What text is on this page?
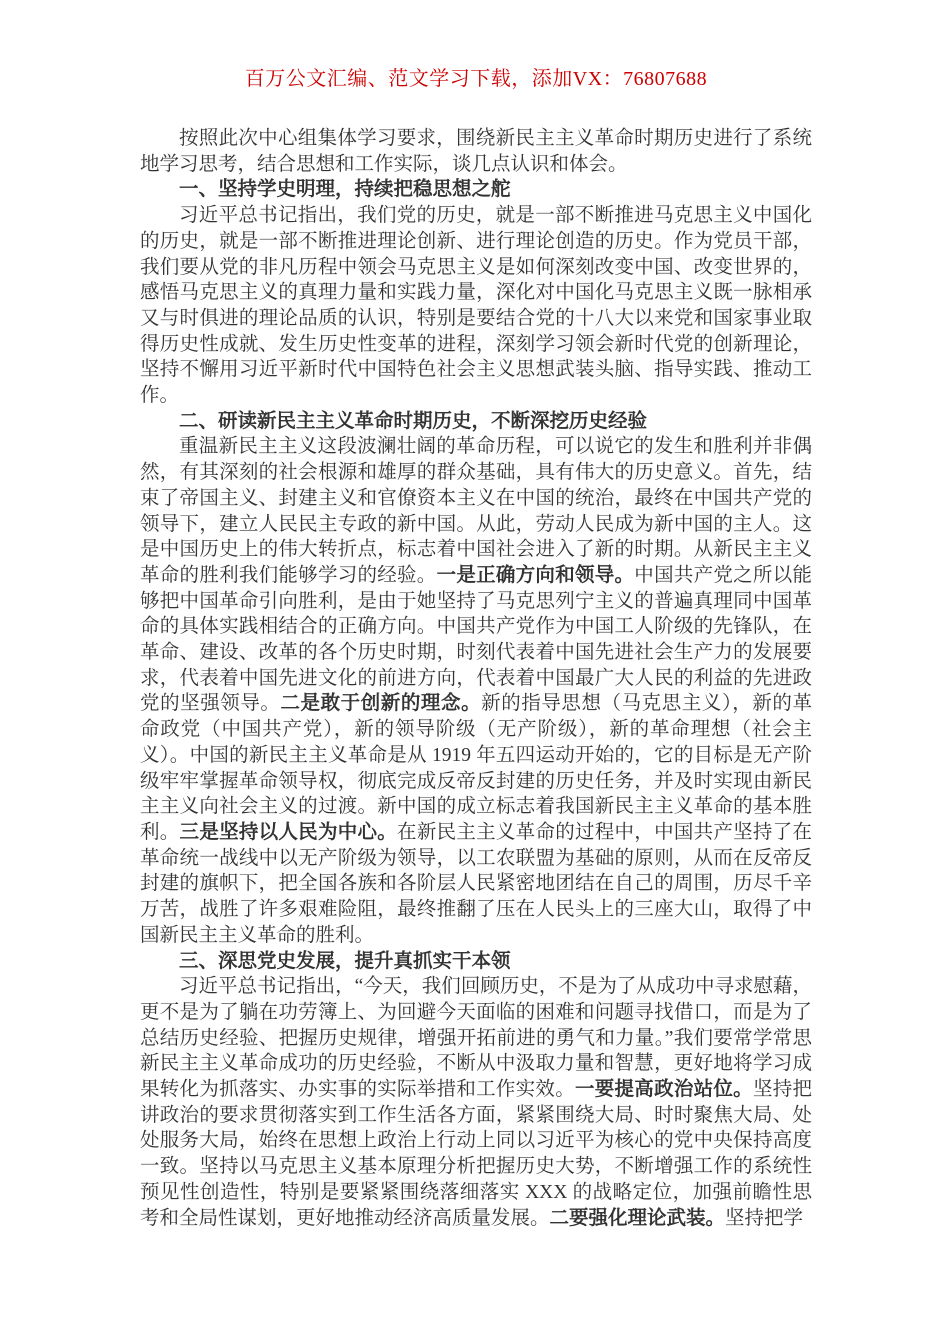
百万公文汇编、范文学习下载，添加VX：76807688

按照此次中心组集体学习要求，围绕新民主主义革命时期历史进行了系统地学习思考，结合思想和工作实际，谈几点认识和体会。

一、坚持学史明理，持续把稳思想之舵

习近平总书记指出，我们党的历史，就是一部不断推进马克思主义中国化的历史，就是一部不断推进理论创新、进行理论创造的历史。作为党员干部，我们要从党的非凡历程中领会马克思主义是如何深刻改变中国、改变世界的，感悟马克思主义的真理力量和实践力量，深化对中国化马克思主义既一脉相承又与时俱进的理论品质的认识，特别是要结合党的十八大以来党和国家事业取得历史性成就、发生历史性变革的进程，深刻学习领会新时代党的创新理论，坚持不懈用习近平新时代中国特色社会主义思想武装头脑、指导实践、推动工作。

二、研读新民主主义革命时期历史，不断深挖历史经验

重温新民主主义这段波澜壮阔的革命历程，可以说它的发生和胜利并非偶然，有其深刻的社会根源和雄厚的群众基础，具有伟大的历史意义。首先，结束了帝国主义、封建主义和官僚资本主义在中国的统治，最终在中国共产党的领导下，建立人民民主专政的新中国。从此，劳动人民成为新中国的主人。这是中国历史上的伟大转折点，标志着中国社会进入了新的时期。从新民主主义革命的胜利我们能够学习的经验。一是正确方向和领导。中国共产党之所以能够把中国革命引向胜利，是由于她坚持了马克思列宁主义的普遍真理同中国革命的具体实践相结合的正确方向。中国共产党作为中国工人阶级的先锋队，在革命、建设、改革的各个历史时期，时刻代表着中国先进社会生产力的发展要求，代表着中国先进文化的前进方向，代表着中国最广大人民的利益的先进政党的坚强领导。二是敢于创新的理念。新的指导思想（马克思主义），新的革命政党（中国共产党），新的领导阶级（无产阶级），新的革命理想（社会主义）。中国的新民主主义革命是从 1919 年五四运动开始的，它的目标是无产阶级牢牢掌握革命领导权，彻底完成反帝反封建的历史任务，并及时实现由新民主主义向社会主义的过渡。新中国的成立标志着我国新民主主义革命的基本胜利。三是坚持以人民为中心。在新民主主义革命的过程中，中国共产坚持了在革命统一战线中以无产阶级为领导，以工农联盟为基础的原则，从而在反帝反封建的旗帜下，把全国各族和各阶层人民紧密地团结在自己的周围，历尽千辛万苦，战胜了许多艰难险阻，最终推翻了压在人民头上的三座大山，取得了中国新民主主义革命的胜利。

三、深思党史发展，提升真抓实干本领

习近平总书记指出，“今天，我们回顾历史，不是为了从成功中寻求慰藉，更不是为了躺在功劳簿上、为回避今天面临的困难和问题寻找借口，而是为了总结历史经验、把握历史规律，增强开拓前进的勇气和力量。”我们要常学常思新民主主义革命成功的历史经验，不断从中汲取力量和智慧，更好地将学习成果转化为抓落实、办实事的实际举措和工作实效。一要提高政治站位。坚持把讲政治的要求贯彻落实到工作生活各方面，紧紧围绕大局、时时聚焦大局、处处服务大局，始终在思想上政治上行动上同以习近平为核心的党中央保持高度一致。坚持以马克思主义基本原理分析把握历史大势，不断增强工作的系统性预见性创造性，特别是要紧紧围绕落细落实 XXX 的战略定位，加强前瞻性思考和全局性谋划，更好地推动经济高质量发展。二要强化理论武装。坚持把学
